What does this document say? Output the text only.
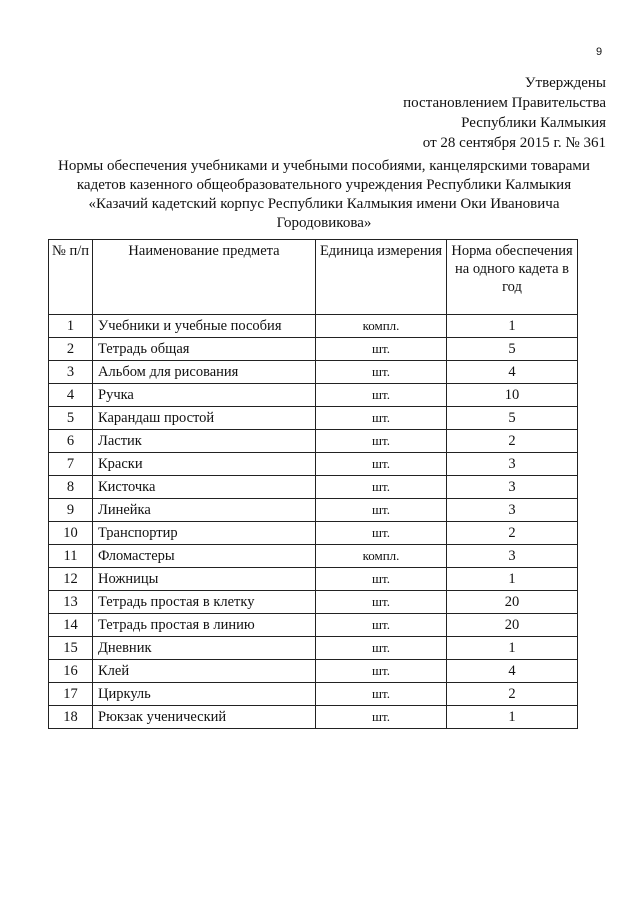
9
Утверждены
постановлением Правительства
Республики Калмыкия
от 28 сентября 2015 г. № 361
Нормы обеспечения учебниками и учебными пособиями, канцелярскими товарами
кадетов казенного общеобразовательного учреждения Республики Калмыкия
«Казачий кадетский корпус Республики Калмыкия имени Оки Ивановича
Городовикова»
№ п/п	Наименование предмета	Единица измерения	Норма обеспечения на одного кадета в год
1	Учебники и учебные пособия	компл.	1
2	Тетрадь общая	шт.	5
3	Альбом для рисования	шт.	4
4	Ручка	шт.	10
5	Карандаш простой	шт.	5
6	Ластик	шт.	2
7	Краски	шт.	3
8	Кисточка	шт.	3
9	Линейка	шт.	3
10	Транспортир	шт.	2
11	Фломастеры	компл.	3
12	Ножницы	шт.	1
13	Тетрадь простая в клетку	шт.	20
14	Тетрадь простая в линию	шт.	20
15	Дневник	шт.	1
16	Клей	шт.	4
17	Циркуль	шт.	2
18	Рюкзак ученический	шт.	1
